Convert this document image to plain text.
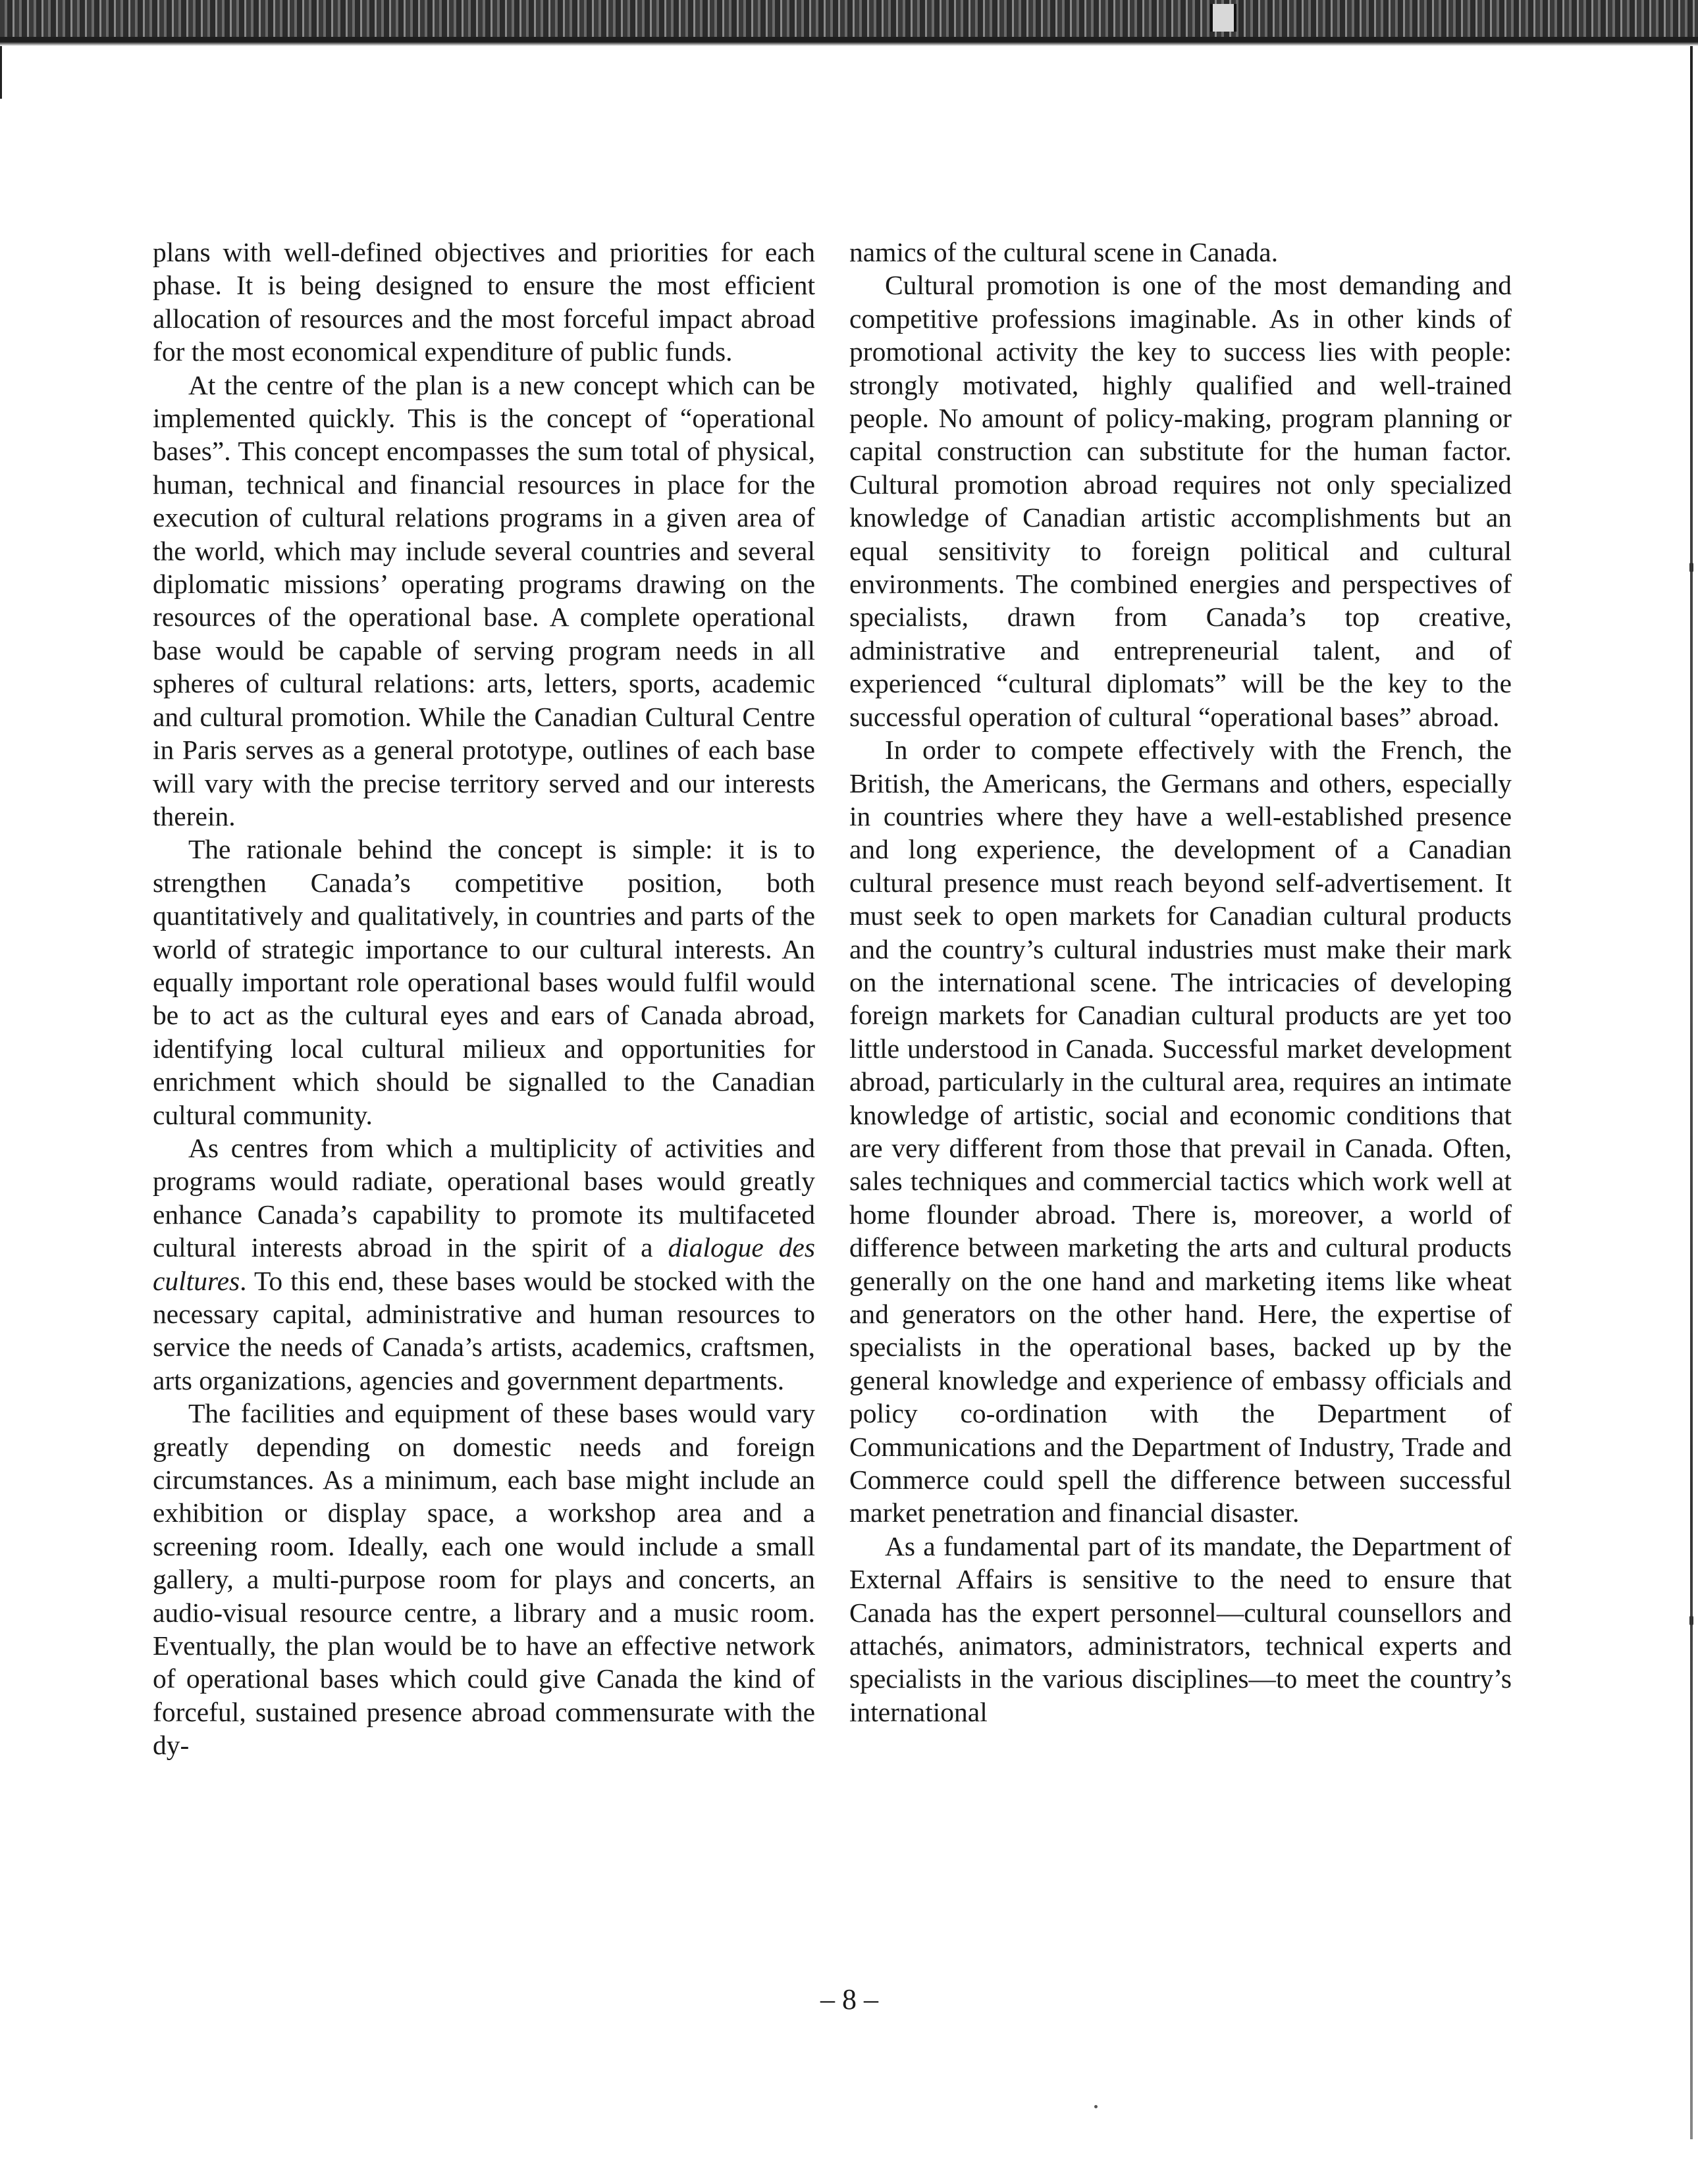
plans with well-defined objectives and priorities for each phase. It is being designed to ensure the most efficient allocation of resources and the most forceful impact abroad for the most economical expenditure of public funds.

At the centre of the plan is a new concept which can be implemented quickly. This is the concept of “operational bases”. This concept encompasses the sum total of physical, human, technical and financial resources in place for the execution of cultural relations programs in a given area of the world, which may include several countries and several diplomatic missions’ operating programs drawing on the resources of the operational base. A complete operational base would be capable of serving program needs in all spheres of cultural relations: arts, letters, sports, academic and cultural promotion. While the Canadian Cultural Centre in Paris serves as a general prototype, outlines of each base will vary with the precise territory served and our interests therein.

The rationale behind the concept is simple: it is to strengthen Canada’s competitive position, both quantitatively and qualitatively, in countries and parts of the world of strategic importance to our cultural interests. An equally important role operational bases would fulfil would be to act as the cultural eyes and ears of Canada abroad, identifying local cultural milieux and opportunities for enrichment which should be signalled to the Canadian cultural community.

As centres from which a multiplicity of activities and programs would radiate, operational bases would greatly enhance Canada’s capability to promote its multifaceted cultural interests abroad in the spirit of a dialogue des cultures. To this end, these bases would be stocked with the necessary capital, administrative and human resources to service the needs of Canada’s artists, academics, craftsmen, arts organizations, agencies and government departments.

The facilities and equipment of these bases would vary greatly depending on domestic needs and foreign circumstances. As a minimum, each base might include an exhibition or display space, a workshop area and a screening room. Ideally, each one would include a small gallery, a multi-purpose room for plays and concerts, an audio-visual resource centre, a library and a music room. Eventually, the plan would be to have an effective network of operational bases which could give Canada the kind of forceful, sustained presence abroad commensurate with the dy-

namics of the cultural scene in Canada.

Cultural promotion is one of the most demanding and competitive professions imaginable. As in other kinds of promotional activity the key to success lies with people: strongly motivated, highly qualified and well-trained people. No amount of policy-making, program planning or capital construction can substitute for the human factor. Cultural promotion abroad requires not only specialized knowledge of Canadian artistic accomplishments but an equal sensitivity to foreign political and cultural environments. The combined energies and perspectives of specialists, drawn from Canada’s top creative, administrative and entrepreneurial talent, and of experienced “cultural diplomats” will be the key to the successful operation of cultural “operational bases” abroad.

In order to compete effectively with the French, the British, the Americans, the Germans and others, especially in countries where they have a well-established presence and long experience, the development of a Canadian cultural presence must reach beyond self-advertisement. It must seek to open markets for Canadian cultural products and the country’s cultural industries must make their mark on the international scene. The intricacies of developing foreign markets for Canadian cultural products are yet too little understood in Canada. Successful market development abroad, particularly in the cultural area, requires an intimate knowledge of artistic, social and economic conditions that are very different from those that prevail in Canada. Often, sales techniques and commercial tactics which work well at home flounder abroad. There is, moreover, a world of difference between marketing the arts and cultural products generally on the one hand and marketing items like wheat and generators on the other hand. Here, the expertise of specialists in the operational bases, backed up by the general knowledge and experience of embassy officials and policy co-ordination with the Department of Communications and the Department of Industry, Trade and Commerce could spell the difference between successful market penetration and financial disaster.

As a fundamental part of its mandate, the Department of External Affairs is sensitive to the need to ensure that Canada has the expert personnel—cultural counsellors and attachés, animators, administrators, technical experts and specialists in the various disciplines—to meet the country’s international

– 8 –
